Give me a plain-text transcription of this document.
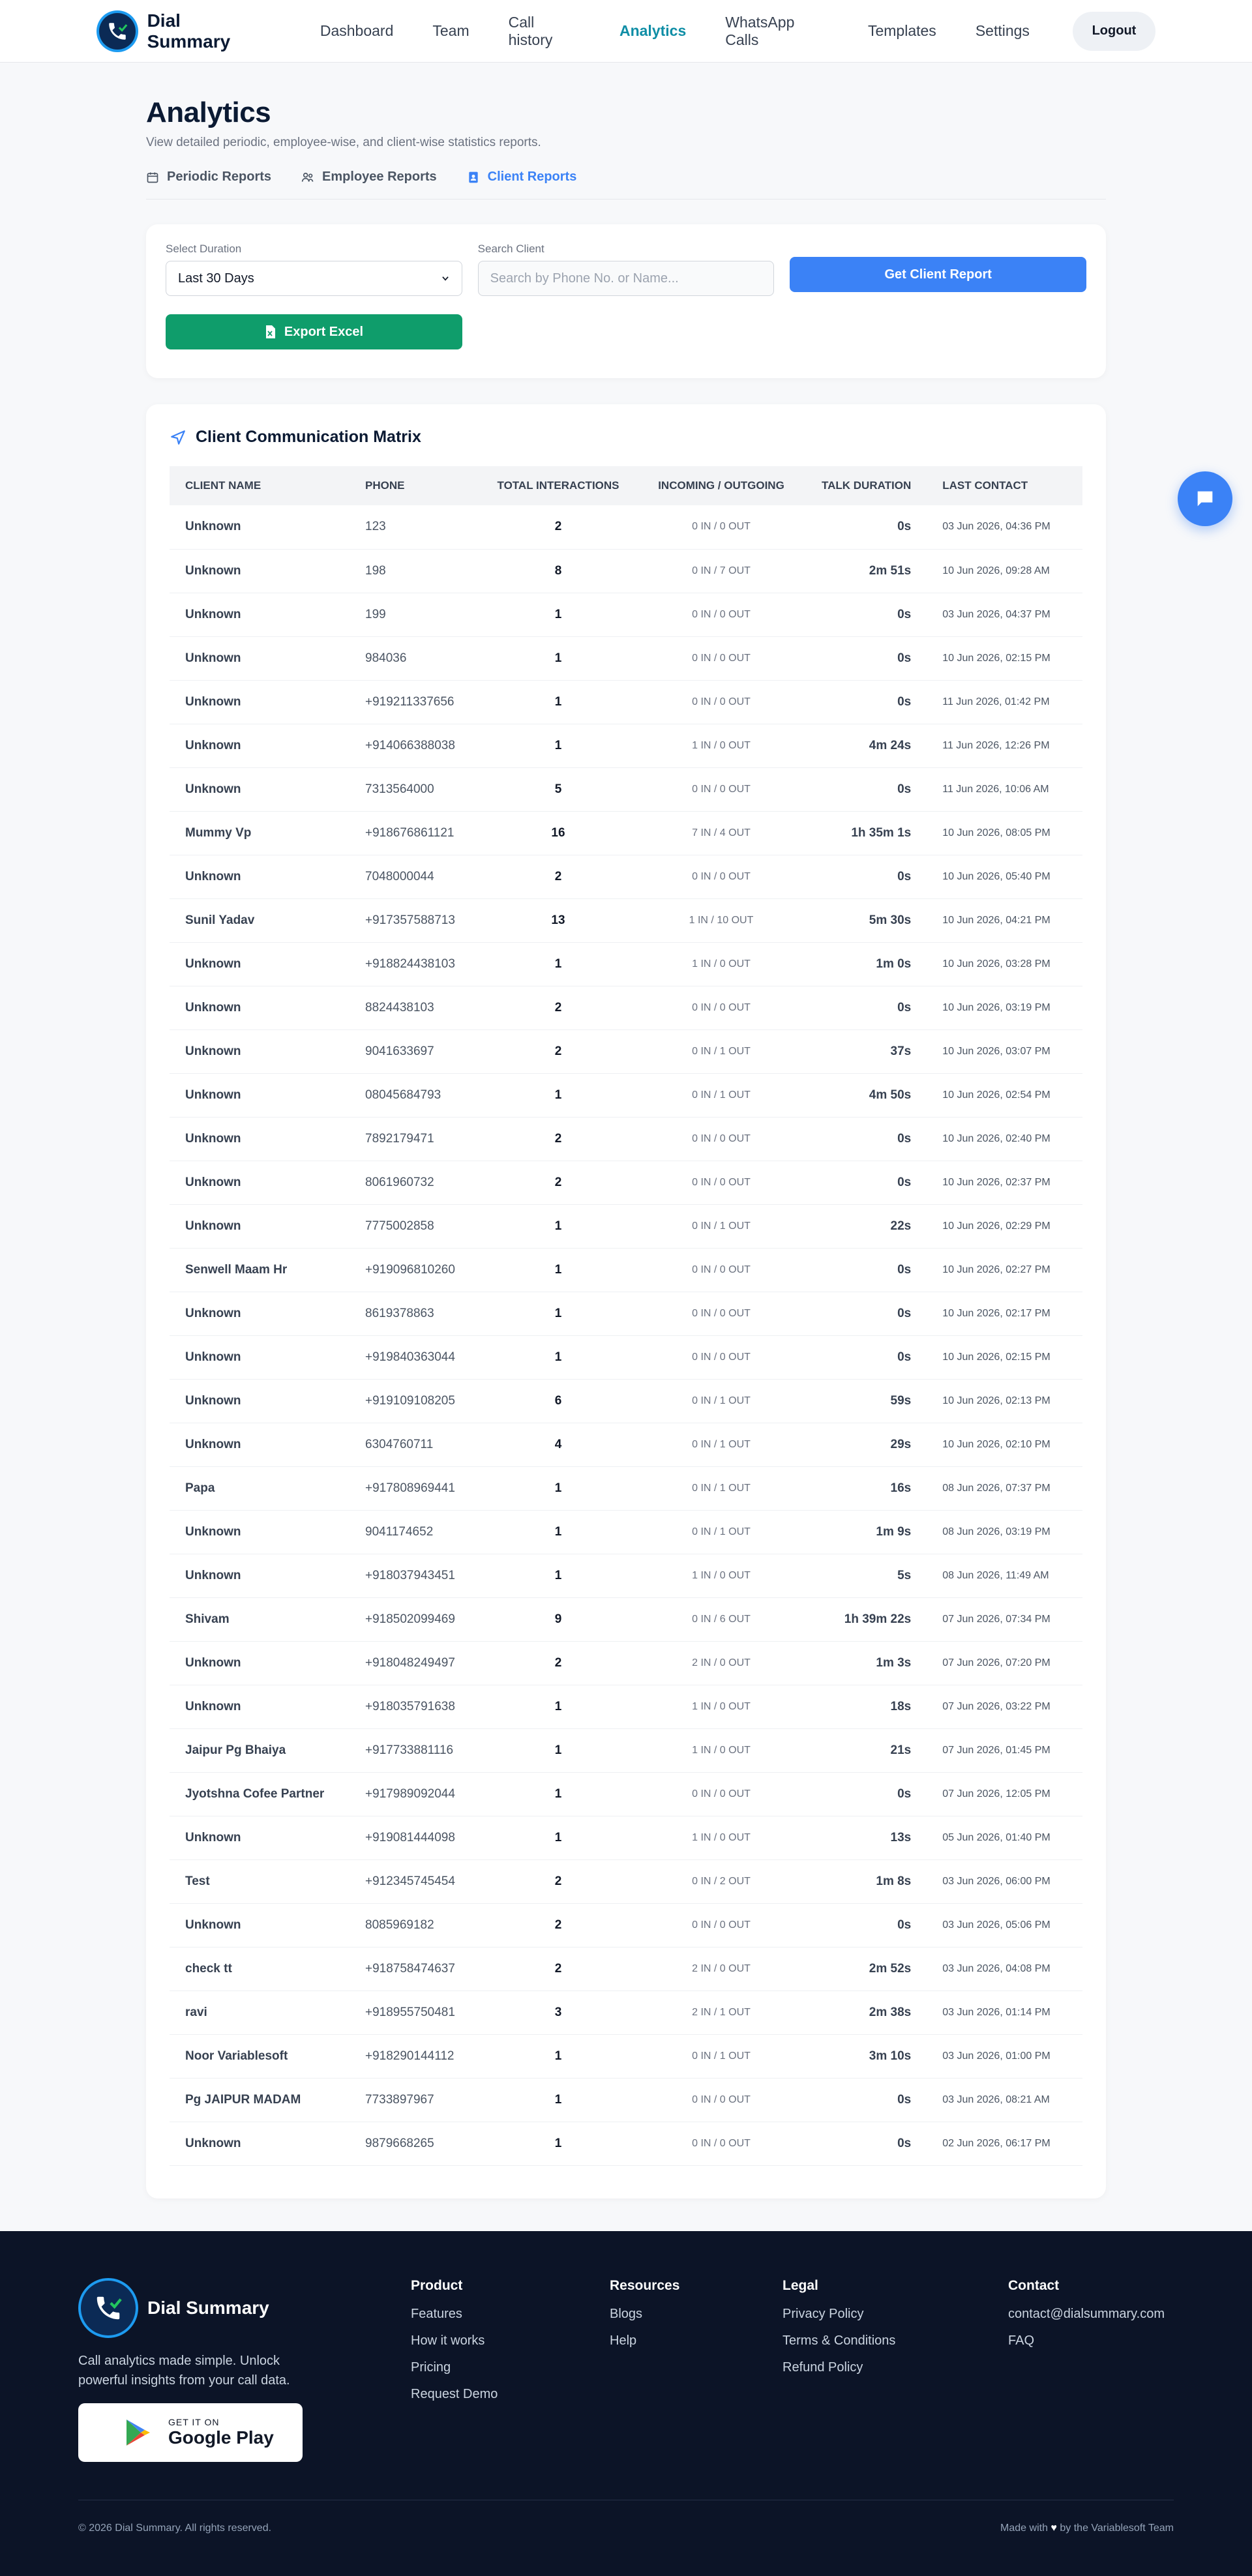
Dial Summary
Dashboard	Team
Call history
Analytics
WhatsApp Calls
Templates	Settings	Logout
Analytics

View detailed periodic, employee-wise, and client-wise statistics reports.

Periodic Reports	Employee Reports	Client Reports
Select Duration
Last 30 Days
Search Client
Search by Phone No. or Name...	Get Client Report
Export Excel
Client Communication Matrix
CLIENT NAME	PHONE	TOTAL INTERACTIONS	INCOMING / OUTGOING	TALK DURATION	LAST CONTACT
Unknown	123	2	0 IN / 0 OUT	0s	03 Jun 2026, 04:36 PM
Unknown	198	8	0 IN / 7 OUT	2m 51s	10 Jun 2026, 09:28 AM
Unknown	199	1	0 IN / 0 OUT	0s	03 Jun 2026, 04:37 PM
Unknown	984036	1	0 IN / 0 OUT	0s	10 Jun 2026, 02:15 PM
Unknown	+919211337656	1	0 IN / 0 OUT	0s	11 Jun 2026, 01:42 PM
Unknown	+914066388038	1	1 IN / 0 OUT	4m 24s	11 Jun 2026, 12:26 PM
Unknown	7313564000	5	0 IN / 0 OUT	0s	11 Jun 2026, 10:06 AM
Mummy Vp	+918676861121	16	7 IN / 4 OUT	1h 35m 1s	10 Jun 2026, 08:05 PM
Unknown	7048000044	2	0 IN / 0 OUT	0s	10 Jun 2026, 05:40 PM
Sunil Yadav	+917357588713	13	1 IN / 10 OUT	5m 30s	10 Jun 2026, 04:21 PM
Unknown	+918824438103	1	1 IN / 0 OUT	1m 0s	10 Jun 2026, 03:28 PM
Unknown	8824438103	2	0 IN / 0 OUT	0s	10 Jun 2026, 03:19 PM
Unknown	9041633697	2	0 IN / 1 OUT	37s	10 Jun 2026, 03:07 PM
Unknown	08045684793	1	0 IN / 1 OUT	4m 50s	10 Jun 2026, 02:54 PM
Unknown	7892179471	2	0 IN / 0 OUT	0s	10 Jun 2026, 02:40 PM
Unknown	8061960732	2	0 IN / 0 OUT	0s	10 Jun 2026, 02:37 PM
Unknown	7775002858	1	0 IN / 1 OUT	22s	10 Jun 2026, 02:29 PM
Senwell Maam Hr	+919096810260	1	0 IN / 0 OUT	0s	10 Jun 2026, 02:27 PM
Unknown	8619378863	1	0 IN / 0 OUT	0s	10 Jun 2026, 02:17 PM
Unknown	+919840363044	1	0 IN / 0 OUT	0s	10 Jun 2026, 02:15 PM
Unknown	+919109108205	6	0 IN / 1 OUT	59s	10 Jun 2026, 02:13 PM
Unknown	6304760711	4	0 IN / 1 OUT	29s	10 Jun 2026, 02:10 PM
Papa	+917808969441	1	0 IN / 1 OUT	16s	08 Jun 2026, 07:37 PM
Unknown	9041174652	1	0 IN / 1 OUT	1m 9s	08 Jun 2026, 03:19 PM
Unknown	+918037943451	1	1 IN / 0 OUT	5s	08 Jun 2026, 11:49 AM
Shivam	+918502099469	9	0 IN / 6 OUT	1h 39m 22s	07 Jun 2026, 07:34 PM
Unknown	+918048249497	2	2 IN / 0 OUT	1m 3s	07 Jun 2026, 07:20 PM
Unknown	+918035791638	1	1 IN / 0 OUT	18s	07 Jun 2026, 03:22 PM
Jaipur Pg Bhaiya	+917733881116	1	1 IN / 0 OUT	21s	07 Jun 2026, 01:45 PM
Jyotshna Cofee Partner	+917989092044	1	0 IN / 0 OUT	0s	07 Jun 2026, 12:05 PM
Unknown	+919081444098	1	1 IN / 0 OUT	13s	05 Jun 2026, 01:40 PM
Test	+912345745454	2	0 IN / 2 OUT	1m 8s	03 Jun 2026, 06:00 PM
Unknown	8085969182	2	0 IN / 0 OUT	0s	03 Jun 2026, 05:06 PM
check tt	+918758474637	2	2 IN / 0 OUT	2m 52s	03 Jun 2026, 04:08 PM
ravi	+918955750481	3	2 IN / 1 OUT	2m 38s	03 Jun 2026, 01:14 PM
Noor Variablesoft	+918290144112	1	0 IN / 1 OUT	3m 10s	03 Jun 2026, 01:00 PM
Pg JAIPUR MADAM	7733897967	1	0 IN / 0 OUT	0s	03 Jun 2026, 08:21 AM
Unknown	9879668265	1	0 IN / 0 OUT	0s	02 Jun 2026, 06:17 PM
Dial Summary

Call analytics made simple. Unlock powerful insights from your call data.

GET IT ON
Google Play
Product
Features
How it works
Pricing
Request Demo
Resources
Blogs
Help
Legal
Privacy Policy
Terms & Conditions
Refund Policy
Contact
contact@dialsummary.com
FAQ
© 2026 Dial Summary. All rights reserved.	Made with ♥ by the Variablesoft Team
